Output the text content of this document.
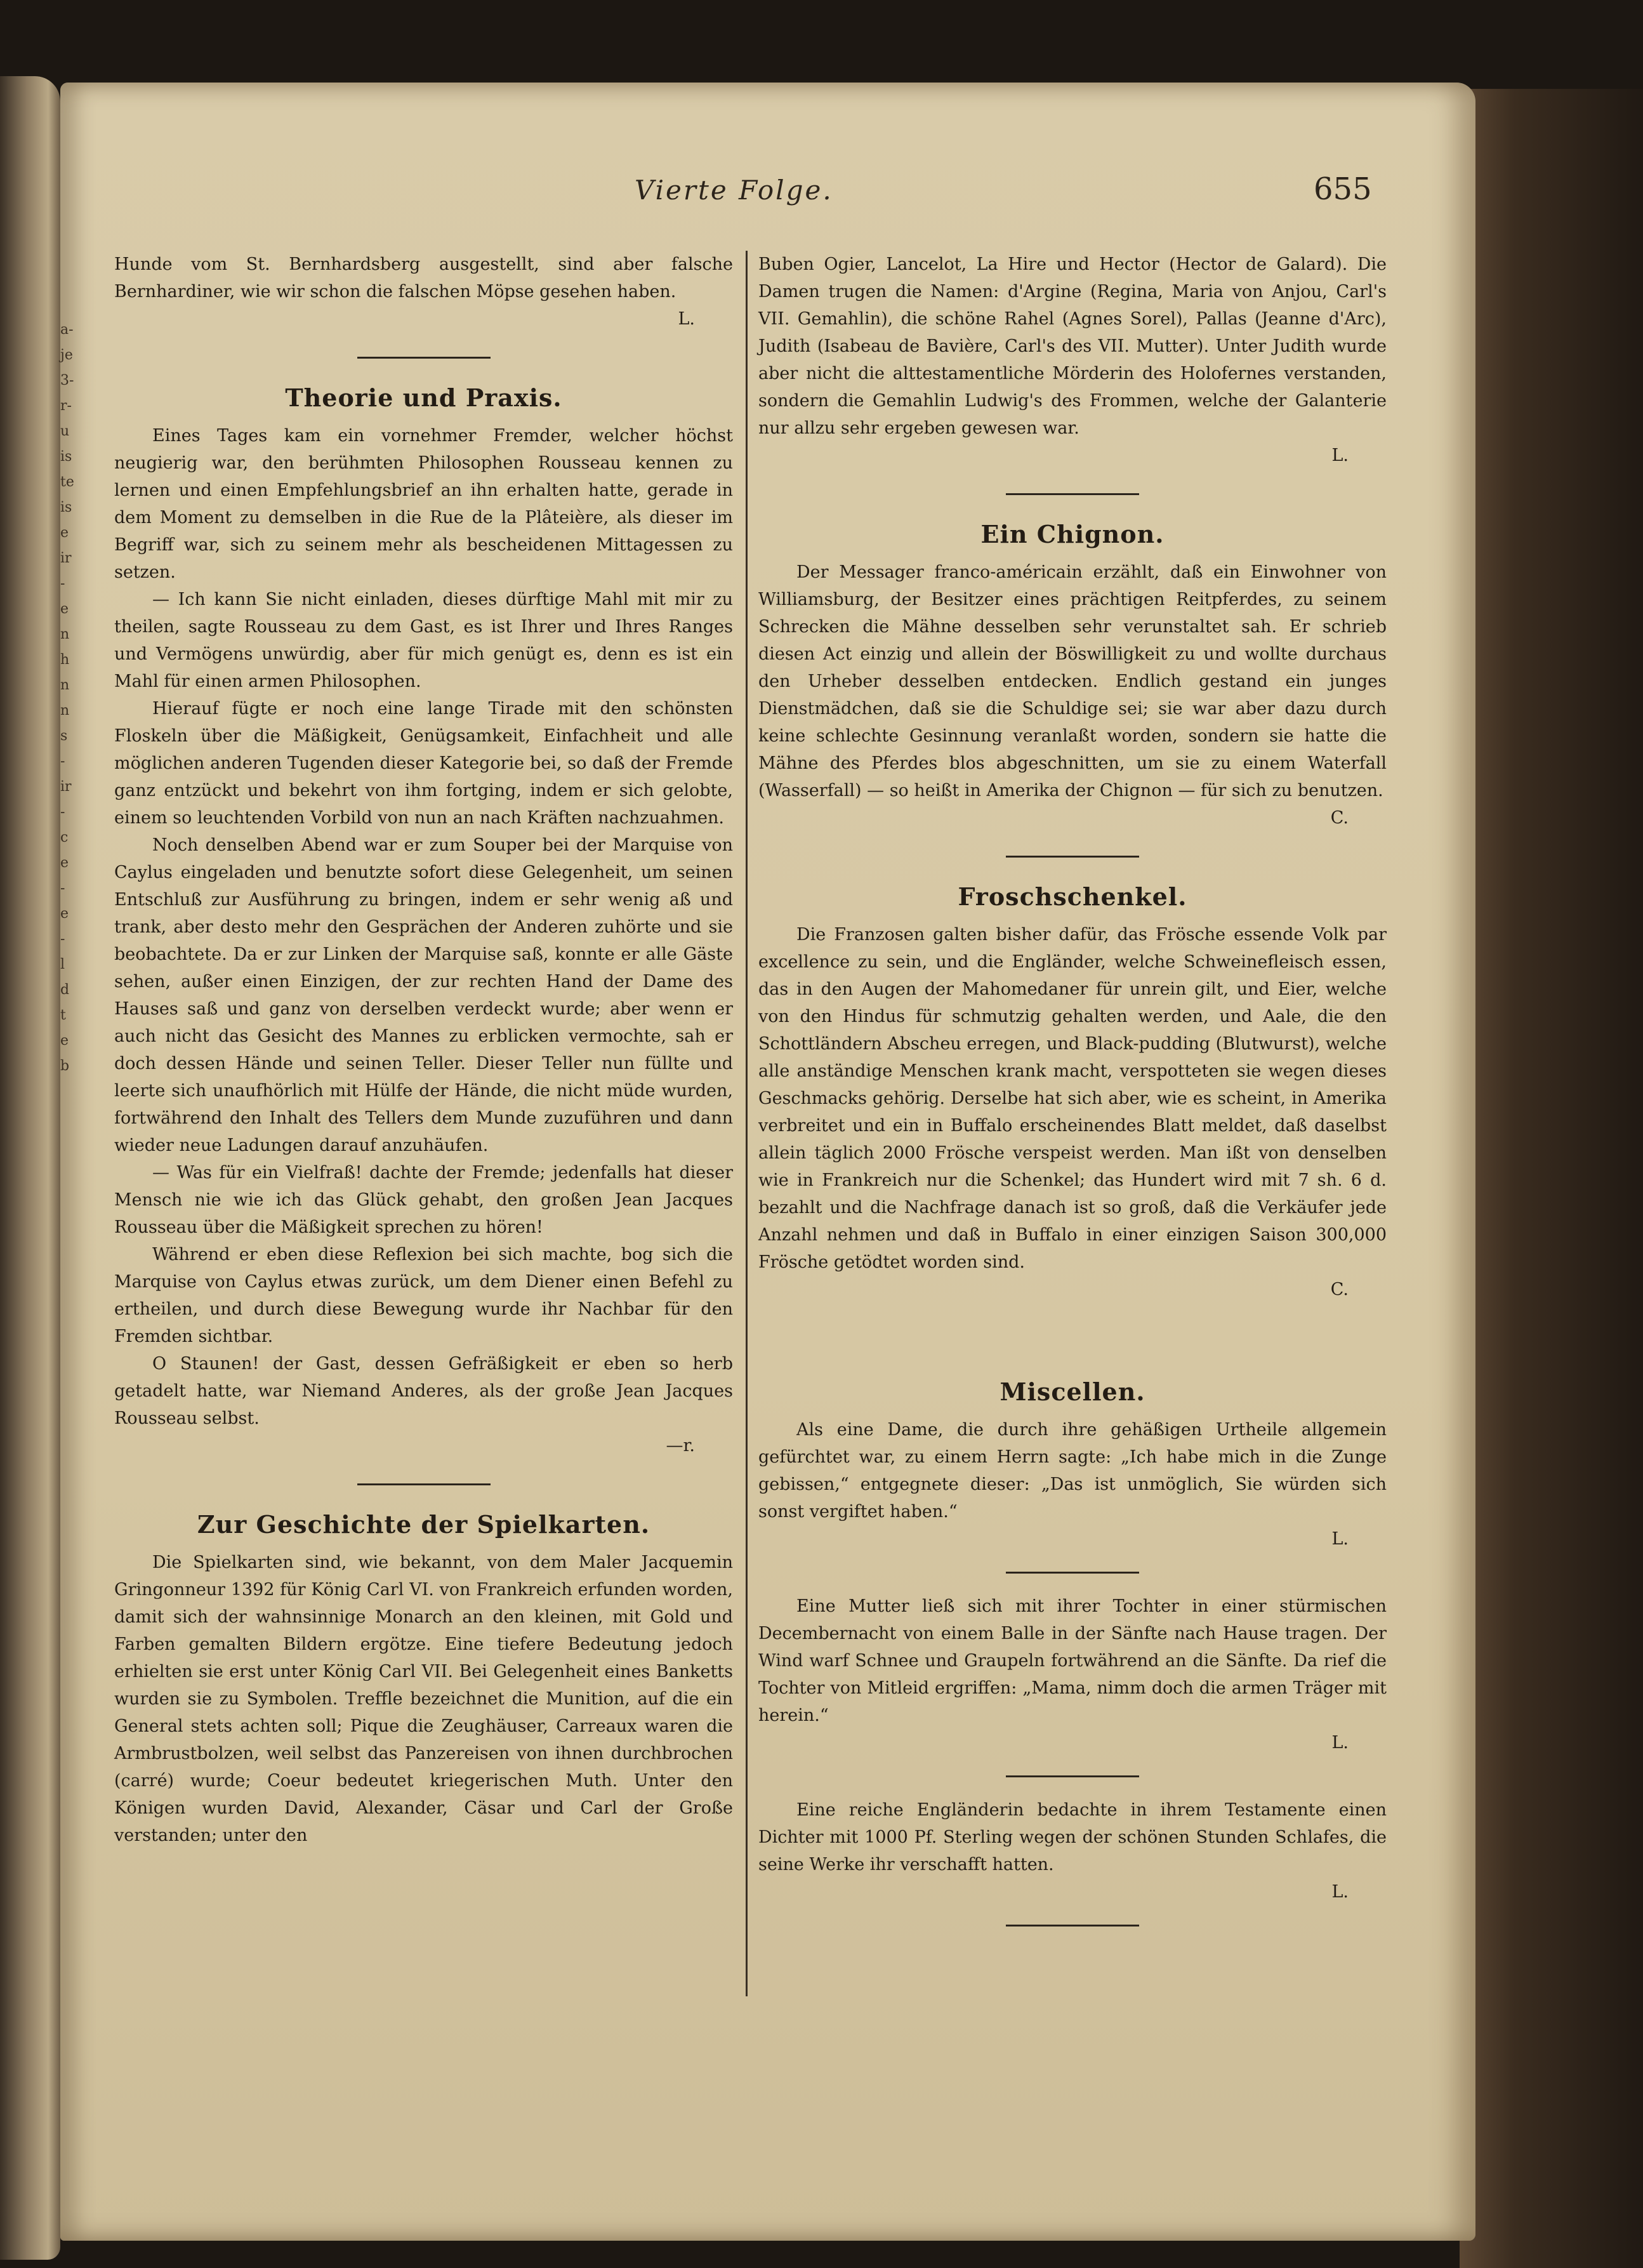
a-
je
3-
r-
u
is
te
is
e
ir
-
e
n
h
n
n
s
-
ir
-
c
e
-
e
-
l
d
t
e
b
Vierte Folge.	655

Hunde vom St. Bernhardsberg ausgestellt, sind aber falsche Bernhardiner, wie wir schon die falschen Möpse gesehen haben.

L.
Theorie und Praxis.

Eines Tages kam ein vornehmer Fremder, welcher höchst neugierig war, den berühmten Philosophen Rousseau kennen zu lernen und einen Empfehlungsbrief an ihn erhalten hatte, gerade in dem Moment zu demselben in die Rue de la Plâteière, als dieser im Begriff war, sich zu seinem mehr als bescheidenen Mittagessen zu setzen.

— Ich kann Sie nicht einladen, dieses dürftige Mahl mit mir zu theilen, sagte Rousseau zu dem Gast, es ist Ihrer und Ihres Ranges und Vermögens unwürdig, aber für mich genügt es, denn es ist ein Mahl für einen armen Philosophen.

Hierauf fügte er noch eine lange Tirade mit den schönsten Floskeln über die Mäßigkeit, Genügsamkeit, Einfachheit und alle möglichen anderen Tugenden dieser Kategorie bei, so daß der Fremde ganz entzückt und bekehrt von ihm fortging, indem er sich gelobte, einem so leuchtenden Vorbild von nun an nach Kräften nachzuahmen.

Noch denselben Abend war er zum Souper bei der Marquise von Caylus eingeladen und benutzte sofort diese Gelegenheit, um seinen Entschluß zur Ausführung zu bringen, indem er sehr wenig aß und trank, aber desto mehr den Gesprächen der Anderen zuhörte und sie beobachtete. Da er zur Linken der Marquise saß, konnte er alle Gäste sehen, außer einen Einzigen, der zur rechten Hand der Dame des Hauses saß und ganz von derselben verdeckt wurde; aber wenn er auch nicht das Gesicht des Mannes zu erblicken vermochte, sah er doch dessen Hände und seinen Teller. Dieser Teller nun füllte und leerte sich unaufhörlich mit Hülfe der Hände, die nicht müde wurden, fortwährend den Inhalt des Tellers dem Munde zuzuführen und dann wieder neue Ladungen darauf anzuhäufen.

— Was für ein Vielfraß! dachte der Fremde; jedenfalls hat dieser Mensch nie wie ich das Glück gehabt, den großen Jean Jacques Rousseau über die Mäßigkeit sprechen zu hören!

Während er eben diese Reflexion bei sich machte, bog sich die Marquise von Caylus etwas zurück, um dem Diener einen Befehl zu ertheilen, und durch diese Bewegung wurde ihr Nachbar für den Fremden sichtbar.

O Staunen! der Gast, dessen Gefräßigkeit er eben so herb getadelt hatte, war Niemand Anderes, als der große Jean Jacques Rousseau selbst.

—r.
Zur Geschichte der Spielkarten.

Die Spielkarten sind, wie bekannt, von dem Maler Jacquemin Gringonneur 1392 für König Carl VI. von Frankreich erfunden worden, damit sich der wahnsinnige Monarch an den kleinen, mit Gold und Farben gemalten Bildern ergötze. Eine tiefere Bedeutung jedoch erhielten sie erst unter König Carl VII. Bei Gelegenheit eines Banketts wurden sie zu Symbolen. Treffle bezeichnet die Munition, auf die ein General stets achten soll; Pique die Zeughäuser, Carreaux waren die Armbrustbolzen, weil selbst das Panzereisen von ihnen durchbrochen (carré) wurde; Coeur bedeutet kriegerischen Muth. Unter den Königen wurden David, Alexander, Cäsar und Carl der Große verstanden; unter den

Buben Ogier, Lancelot, La Hire und Hector (Hector de Galard). Die Damen trugen die Namen: d'Argine (Regina, Maria von Anjou, Carl's VII. Gemahlin), die schöne Rahel (Agnes Sorel), Pallas (Jeanne d'Arc), Judith (Isabeau de Bavière, Carl's des VII. Mutter). Unter Judith wurde aber nicht die alttestamentliche Mörderin des Holofernes verstanden, sondern die Gemahlin Ludwig's des Frommen, welche der Galanterie nur allzu sehr ergeben gewesen war.

L.
Ein Chignon.

Der Messager franco-américain erzählt, daß ein Einwohner von Williamsburg, der Besitzer eines prächtigen Reitpferdes, zu seinem Schrecken die Mähne desselben sehr verunstaltet sah. Er schrieb diesen Act einzig und allein der Böswilligkeit zu und wollte durchaus den Urheber desselben entdecken. Endlich gestand ein junges Dienstmädchen, daß sie die Schuldige sei; sie war aber dazu durch keine schlechte Gesinnung veranlaßt worden, sondern sie hatte die Mähne des Pferdes blos abgeschnitten, um sie zu einem Waterfall (Wasserfall) — so heißt in Amerika der Chignon — für sich zu benutzen.

C.
Froschschenkel.

Die Franzosen galten bisher dafür, das Frösche essende Volk par excellence zu sein, und die Engländer, welche Schweinefleisch essen, das in den Augen der Mahomedaner für unrein gilt, und Eier, welche von den Hindus für schmutzig gehalten werden, und Aale, die den Schottländern Abscheu erregen, und Black-pudding (Blutwurst), welche alle anständige Menschen krank macht, verspotteten sie wegen dieses Geschmacks gehörig. Derselbe hat sich aber, wie es scheint, in Amerika verbreitet und ein in Buffalo erscheinendes Blatt meldet, daß daselbst allein täglich 2000 Frösche verspeist werden. Man ißt von denselben wie in Frankreich nur die Schenkel; das Hundert wird mit 7 sh. 6 d. bezahlt und die Nachfrage danach ist so groß, daß die Verkäufer jede Anzahl nehmen und daß in Buffalo in einer einzigen Saison 300,000 Frösche getödtet worden sind.

C.
Miscellen.

Als eine Dame, die durch ihre gehäßigen Urtheile allgemein gefürchtet war, zu einem Herrn sagte: „Ich habe mich in die Zunge gebissen,“ entgegnete dieser: „Das ist unmöglich, Sie würden sich sonst vergiftet haben.“

L.

Eine Mutter ließ sich mit ihrer Tochter in einer stürmischen Decembernacht von einem Balle in der Sänfte nach Hause tragen. Der Wind warf Schnee und Graupeln fortwährend an die Sänfte. Da rief die Tochter von Mitleid ergriffen: „Mama, nimm doch die armen Träger mit herein.“

L.

Eine reiche Engländerin bedachte in ihrem Testamente einen Dichter mit 1000 Pf. Sterling wegen der schönen Stunden Schlafes, die seine Werke ihr verschafft hatten.

L.
